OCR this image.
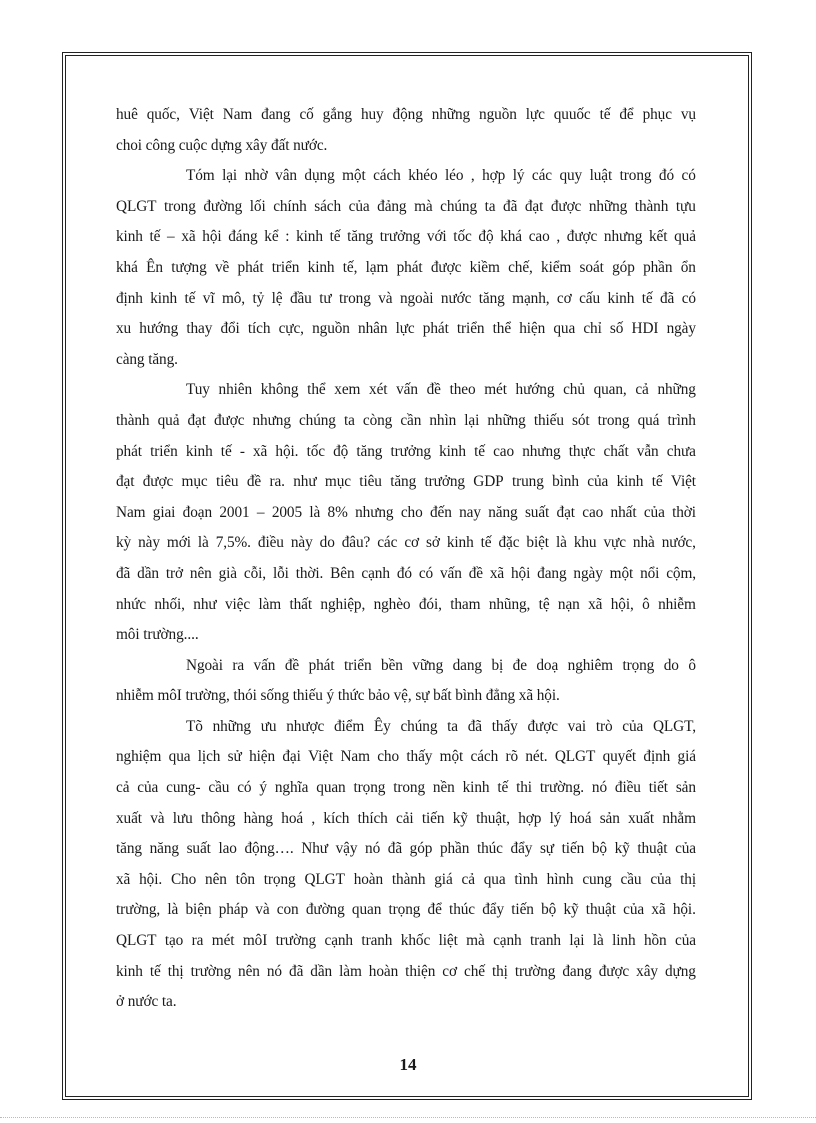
huê quốc, Việt Nam đang cố gắng huy động những nguồn lực quuốc tế để phục vụ
choi công cuộc dựng xây đất nước.
Tóm lại nhờ vân dụng một cách khéo léo , hợp lý các quy luật trong đó có
QLGT trong đường lối chính sách của đảng mà chúng ta đã đạt được những thành tựu
kinh tế – xã hội đáng kể : kinh tế tăng trưởng với tốc độ khá cao , được nhưng kết quả
khá Ên tượng về phát triển kinh tế, lạm phát được kiềm chế, kiểm soát góp phần ổn
định kinh tế vĩ mô, tỷ lệ đầu tư trong và ngoài nước tăng mạnh, cơ cấu kinh tế đã có
xu hướng thay đổi tích cực, nguồn nhân lực phát triển thể hiện qua chỉ số HDI ngày
càng tăng.
Tuy nhiên không thể xem xét vấn đề theo mét hướng chủ quan, cả những
thành quả đạt được nhưng chúng ta còng cần nhìn lại những thiếu sót trong quá trình
phát triển kinh tế - xã hội. tốc độ tăng trưởng kinh tế cao nhưng thực chất vẫn chưa
đạt được mục tiêu đề ra. như mục tiêu tăng trưởng GDP trung bình của kinh tế Việt
Nam giai đoạn 2001 – 2005 là 8% nhưng cho đến nay năng suất đạt cao nhất của thời
kỳ này mới là 7,5%. điều này do đâu? các cơ sở kinh tế đặc biệt là khu vực nhà nước,
đã dần trở nên già cỗi, lỗi thời. Bên cạnh đó có vấn đề xã hội đang ngày một nổi cộm,
nhức nhối, như việc làm thất nghiệp, nghèo đói, tham nhũng, tệ nạn xã hội, ô nhiễm
môi trường....
Ngoài ra vấn đề phát triển bền vững dang bị đe doạ nghiêm trọng do ô
nhiễm môI trường, thói sống thiếu ý thức bảo vệ, sự bất bình đẳng xã hội.
Tõ những ưu nhược điểm Êy chúng ta đã thấy được vai trò của QLGT,
nghiệm qua lịch sử hiện đại Việt Nam cho thấy một cách rõ nét. QLGT quyết định giá
cả của cung- cầu có ý nghĩa quan trọng trong nền kinh tế thi trường. nó điều tiết sản
xuất và lưu thông hàng hoá , kích thích cải tiến kỹ thuật, hợp lý hoá sản xuất nhằm
tăng năng suất lao động…. Như vậy nó đã góp phần thúc đẩy sự tiến bộ kỹ thuật của
xã hội. Cho nên tôn trọng QLGT hoàn thành giá cả qua tình hình cung cầu của thị
trường, là biện pháp và con đường quan trọng để thúc đẩy tiến bộ kỹ thuật của xã hội.
QLGT tạo ra mét môI trường cạnh tranh khốc liệt mà cạnh tranh lại là linh hồn của
kinh tế thị trường nên nó đã dần làm hoàn thiện cơ chế thị trường đang được xây dựng
ở nước ta.
14
